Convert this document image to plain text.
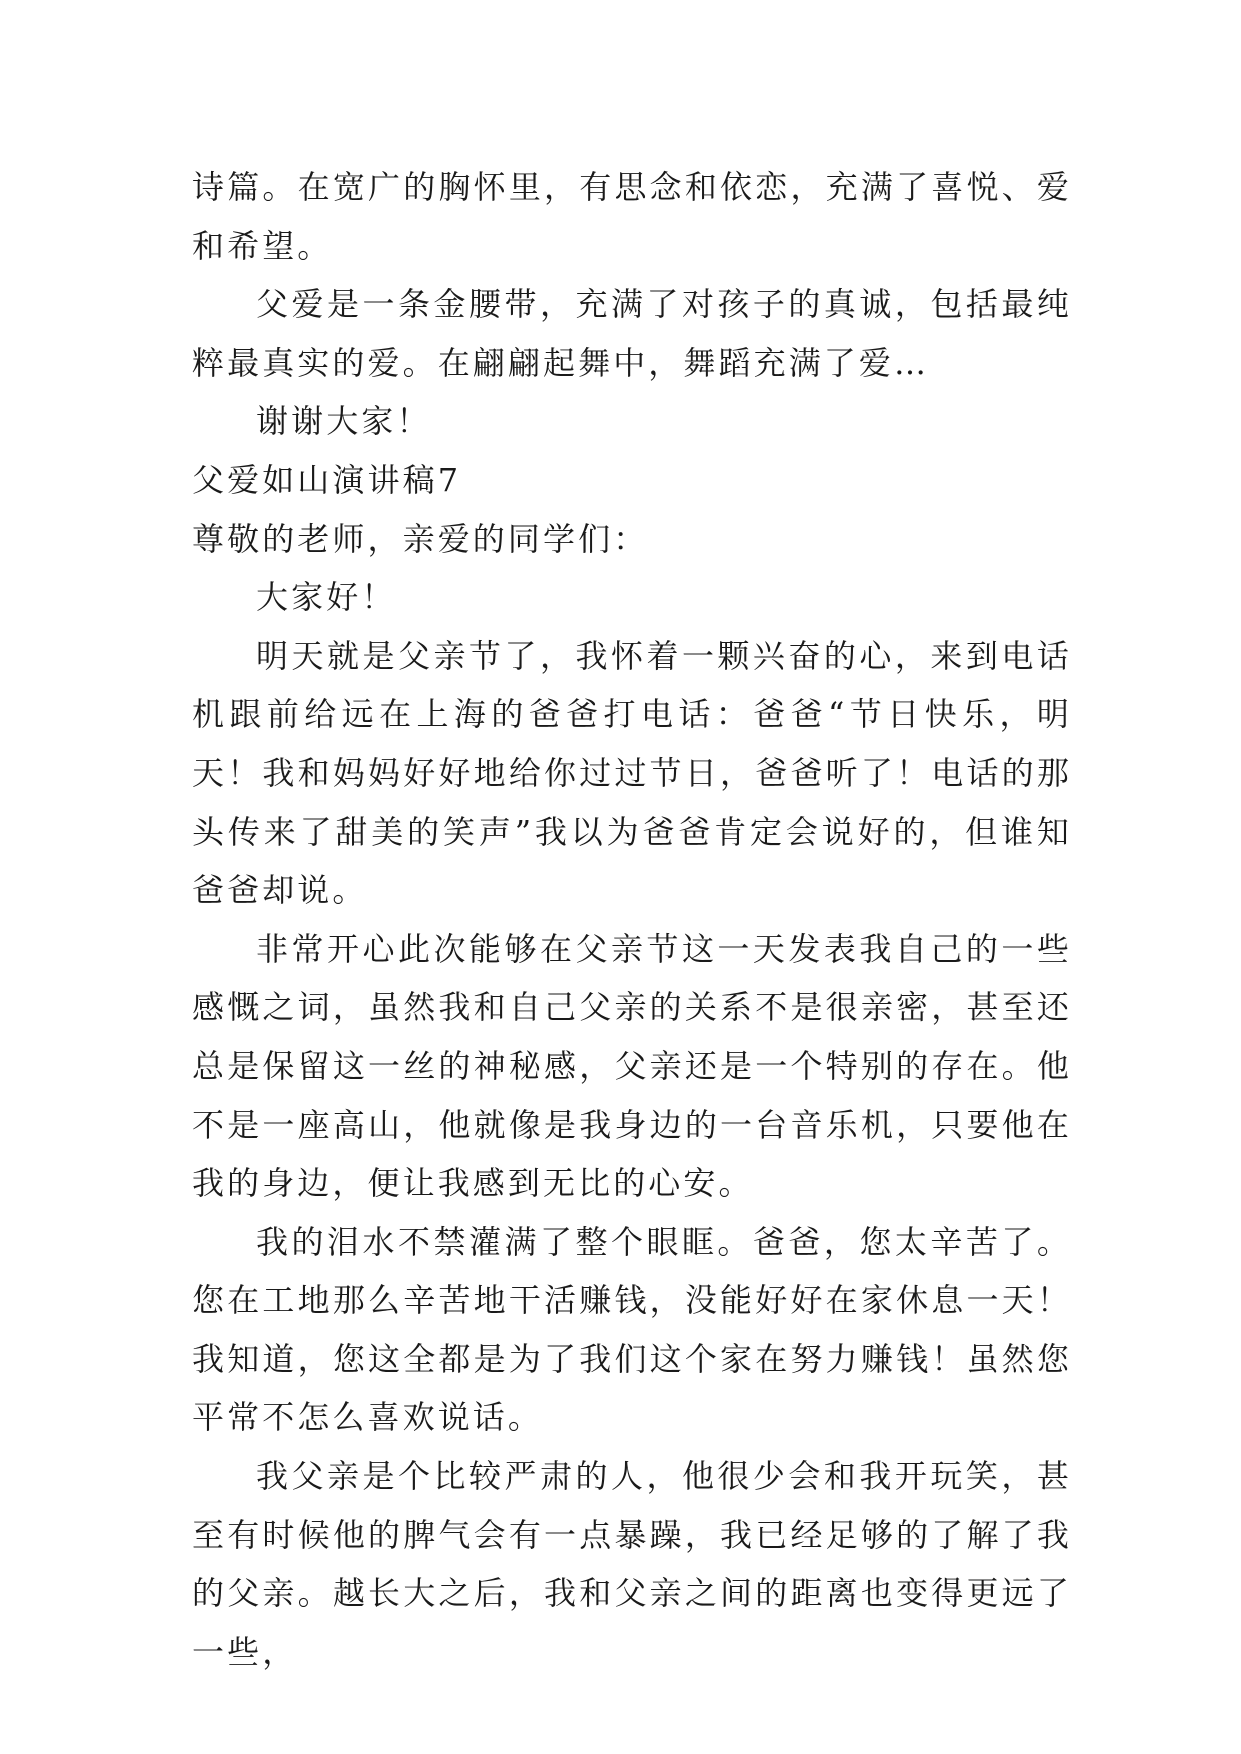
诗篇。在宽广的胸怀里，有思念和依恋，充满了喜悦、爱和希望。

父爱是一条金腰带，充满了对孩子的真诚，包括最纯粹最真实的爱。在翩翩起舞中，舞蹈充满了爱…

谢谢大家！

父爱如山演讲稿7

尊敬的老师，亲爱的同学们：

大家好！

明天就是父亲节了，我怀着一颗兴奋的心，来到电话机跟前给远在上海的爸爸打电话：爸爸“节日快乐，明天！我和妈妈好好地给你过过节日，爸爸听了！电话的那头传来了甜美的笑声”我以为爸爸肯定会说好的，但谁知爸爸却说。

非常开心此次能够在父亲节这一天发表我自己的一些感慨之词，虽然我和自己父亲的关系不是很亲密，甚至还总是保留这一丝的神秘感，父亲还是一个特别的存在。他不是一座高山，他就像是我身边的一台音乐机，只要他在我的身边，便让我感到无比的心安。

我的泪水不禁灌满了整个眼眶。爸爸，您太辛苦了。您在工地那么辛苦地干活赚钱，没能好好在家休息一天！我知道，您这全都是为了我们这个家在努力赚钱！虽然您平常不怎么喜欢说话。

我父亲是个比较严肃的人，他很少会和我开玩笑，甚至有时候他的脾气会有一点暴躁，我已经足够的了解了我的父亲。越长大之后，我和父亲之间的距离也变得更远了一些，
